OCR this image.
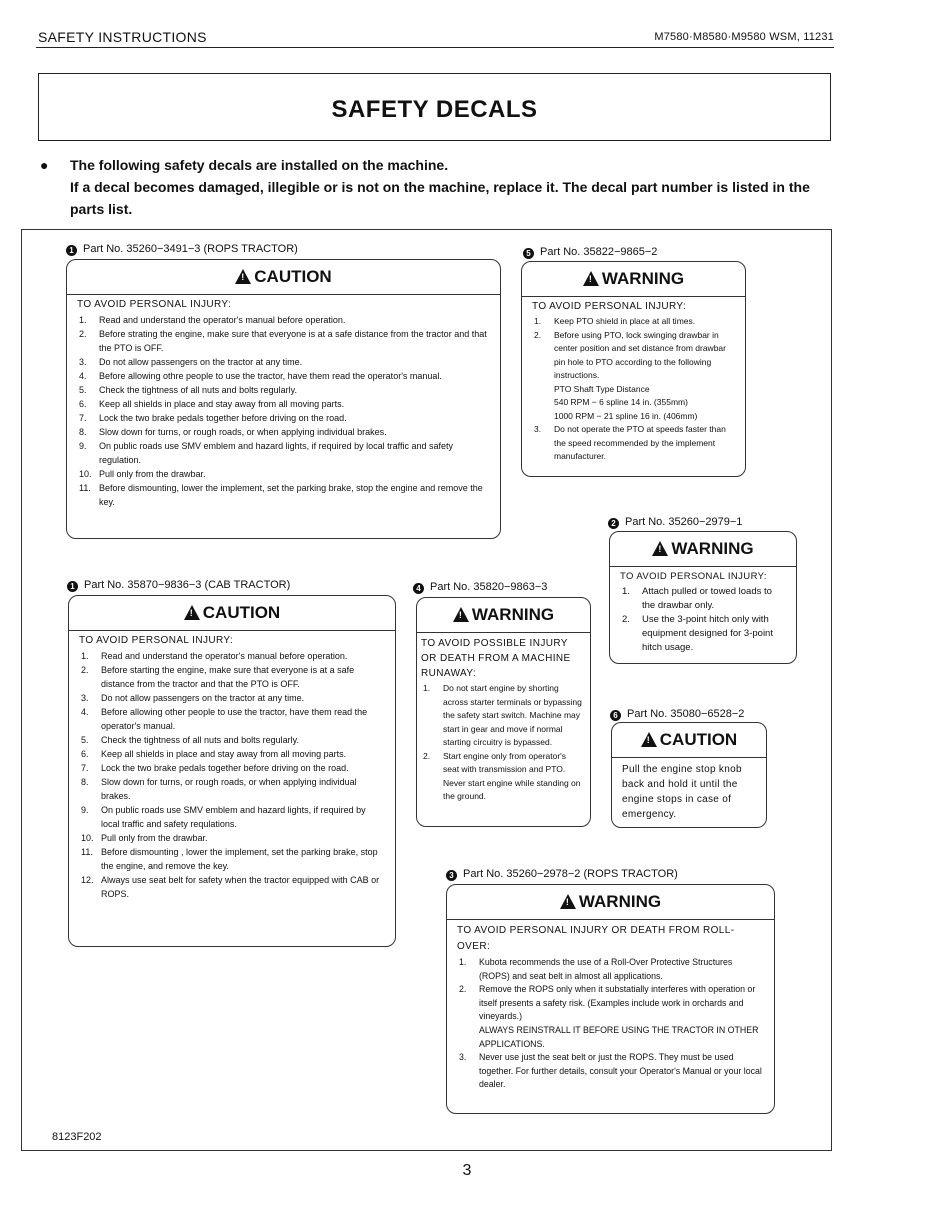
SAFETY INSTRUCTIONS	M7580·M8580·M9580 WSM, 11231
SAFETY DECALS
● The following safety decals are installed on the machine.
If a decal becomes damaged, illegible or is not on the machine, replace it. The decal part number is listed in the parts list.
1 Part No. 35260−3491−3 (ROPS TRACTOR)
!CAUTION
TO AVOID PERSONAL INJURY:
1. Read and understand the operator's manual before operation.
2. Before strating the engine, make sure that everyone is at a safe distance from the tractor and that the PTO is OFF.
3. Do not allow passengers on the tractor at any time.
4. Before allowing othre people to use the tractor, have them read the operator's manual.
5. Check the tightness of all nuts and bolts regularly.
6. Keep all shields in place and stay away from all moving parts.
7. Lock the two brake pedals together before driving on the road.
8. Slow down for turns, or rough roads, or when applying individual brakes.
9. On public roads use SMV emblem and hazard lights, if required by local traffic and safety regulation.
10. Pull only from the drawbar.
11. Before dismounting, lower the implement, set the parking brake, stop the engine and remove the key.
5 Part No. 35822−9865−2
!WARNING
TO AVOID PERSONAL INJURY:
1. Keep PTO shield in place at all times.
2. Before using PTO, lock swinging drawbar in center position and set distance from drawbar pin hole to PTO according to the following instructions.
PTO Shaft Type Distance
540 RPM − 6 spline 14 in. (355mm)
1000 RPM − 21 spline 16 in. (406mm)
3. Do not operate the PTO at speeds faster than the speed recommended by the implement manufacturer.
2 Part No. 35260−2979−1
!WARNING
TO AVOID PERSONAL INJURY:
1. Attach pulled or towed loads to the drawbar only.
2. Use the 3-point hitch only with equipment designed for 3-point hitch usage.
1 Part No. 35870−9836−3 (CAB TRACTOR)
!CAUTION
TO AVOID PERSONAL INJURY:
1. Read and understand the operator's manual before operation.
2. Before starting the engine, make sure that everyone is at a safe distance from the tractor and that the PTO is OFF.
3. Do not allow passengers on the tractor at any time.
4. Before allowing other people to use the tractor, have them read the operator's manual.
5. Check the tightness of all nuts and bolts regularly.
6. Keep all shields in place and stay away from all moving parts.
7. Lock the two brake pedals together before driving on the road.
8. Slow down for turns, or rough roads, or when applying individual brakes.
9. On public roads use SMV emblem and hazard lights, if required by local traffic and safety requlations.
10. Pull only from the drawbar.
11. Before dismounting , lower the implement, set the parking brake, stop the engine, and remove the key.
12. Always use seat belt for safety when the tractor equipped with CAB or ROPS.
4 Part No. 35820−9863−3
!WARNING
TO AVOID POSSIBLE INJURY OR DEATH FROM A MACHINE RUNAWAY:
1. Do not start engine by shorting across starter terminals or bypassing the safety start switch. Machine may start in gear and move if normal starting circuitry is bypassed.
2. Start engine only from operator's seat with transmission and PTO. Never start engine while standing on the ground.
6 Part No. 35080−6528−2
!CAUTION
Pull the engine stop knob back and hold it until the engine stops in case of emergency.
3 Part No. 35260−2978−2 (ROPS TRACTOR)
!WARNING
TO AVOID PERSONAL INJURY OR DEATH FROM ROLL-OVER:
1. Kubota recommends the use of a Roll-Over Protective Structures (ROPS) and seat belt in almost all applications.
2. Remove the ROPS only when it substatially interferes with operation or itself presents a safety risk. (Examples include work in orchards and vineyards.)
ALWAYS REINSTRALL IT BEFORE USING THE TRACTOR IN OTHER APPLICATIONS.
3. Never use just the seat belt or just the ROPS. They must be used together. For further details, consult your Operator's Manual or your local dealer.
8123F202
3
